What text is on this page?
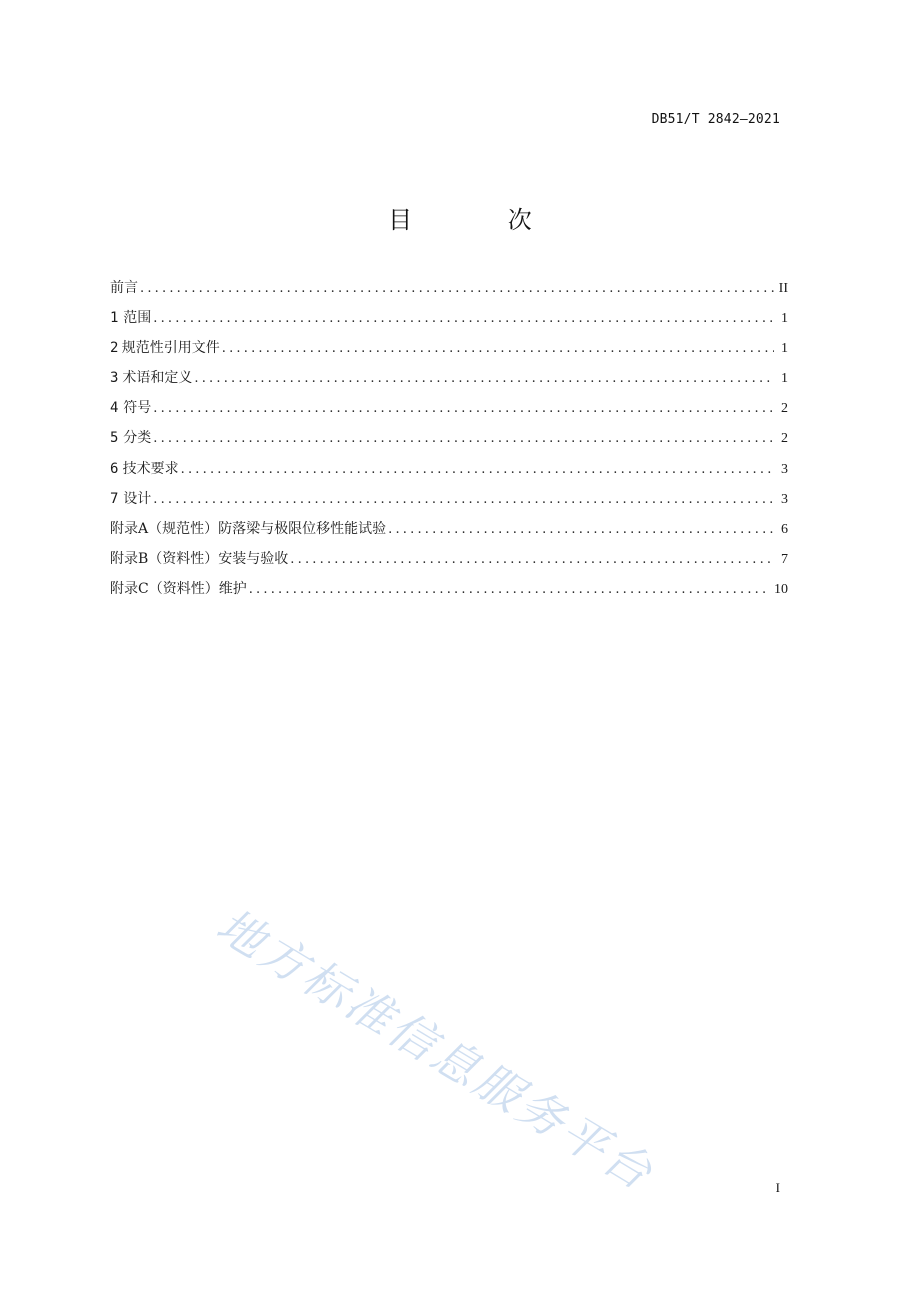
DB51/T 2842—2021
目 次
前言 .....	II
1 范围 .....	1
2 规范性引用文件 .....	1
3 术语和定义 .....	1
4 符号 .....	2
5 分类 .....	2
6 技术要求 .....	3
7 设计 .....	3
附录A（规范性） 防落梁与极限位移性能试验 .....	6
附录B（资料性） 安装与验收 .....	7
附录C（资料性） 维护 .....	10
地方标准信息服务平台	I
